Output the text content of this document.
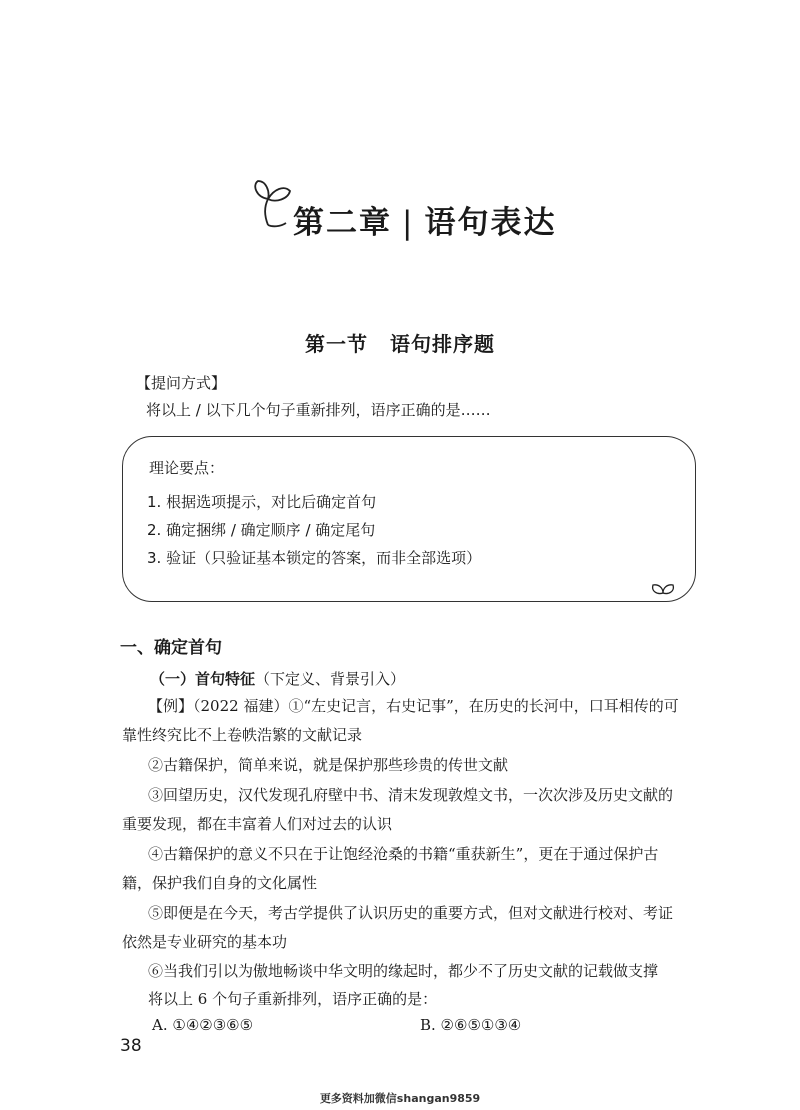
第二章 | 语句表达
第一节 语句排序题
【提问方式】
将以上 / 以下几个句子重新排列，语序正确的是……
理论要点：
1. 根据选项提示，对比后确定首句
2. 确定捆绑 / 确定顺序 / 确定尾句
3. 验证（只验证基本锁定的答案，而非全部选项）
一、确定首句
（一）首句特征（下定义、背景引入）
【例】（2022 福建）①“左史记言，右史记事”，在历史的长河中，口耳相传的可
靠性终究比不上卷帙浩繁的文献记录
②古籍保护，简单来说，就是保护那些珍贵的传世文献
③回望历史，汉代发现孔府壁中书、清末发现敦煌文书，一次次涉及历史文献的
重要发现，都在丰富着人们对过去的认识
④古籍保护的意义不只在于让饱经沧桑的书籍“重获新生”，更在于通过保护古
籍，保护我们自身的文化属性
⑤即便是在今天，考古学提供了认识历史的重要方式，但对文献进行校对、考证
依然是专业研究的基本功
⑥当我们引以为傲地畅谈中华文明的缘起时，都少不了历史文献的记载做支撑
将以上 6 个句子重新排列，语序正确的是：
A. ①④②③⑥⑤	B. ②⑥⑤①③④
38
更多资料加微信shangan9859
